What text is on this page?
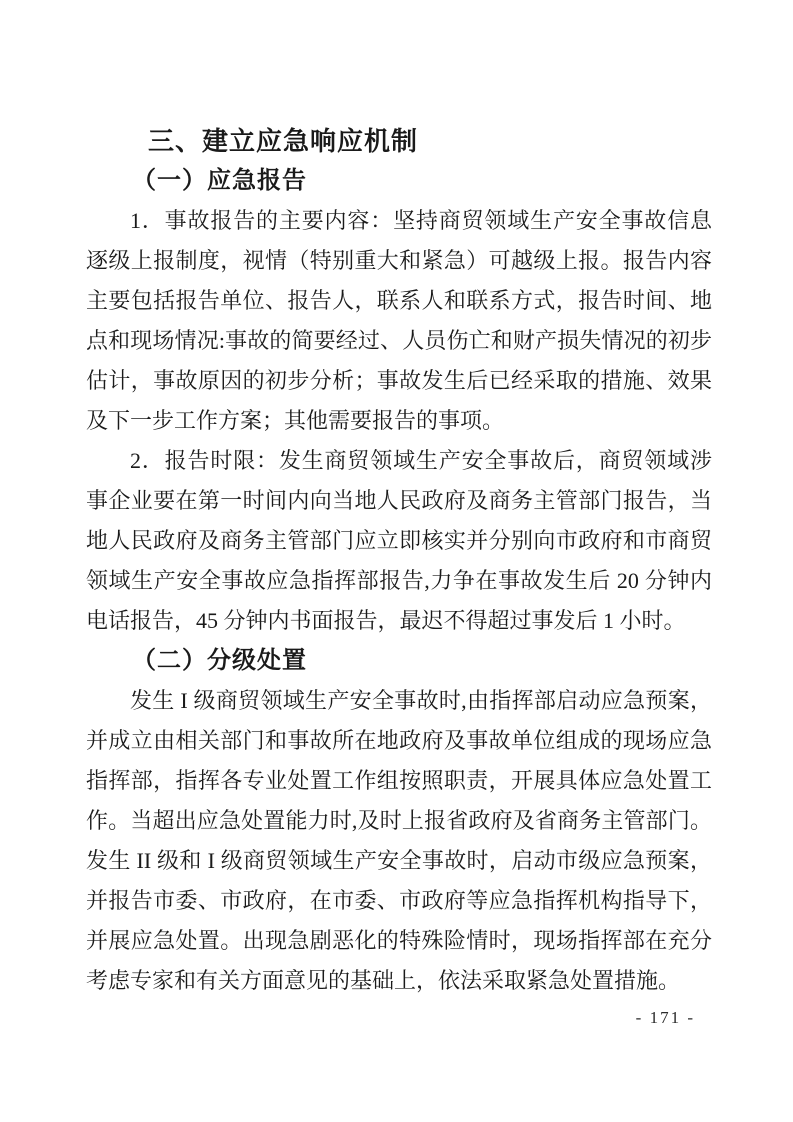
三、建立应急响应机制
（一）应急报告
1．事故报告的主要内容：坚持商贸领域生产安全事故信息
逐级上报制度，视情（特别重大和紧急）可越级上报。报告内容
主要包括报告单位、报告人，联系人和联系方式，报告时间、地
点和现场情况:事故的简要经过、人员伤亡和财产损失情况的初步
估计，事故原因的初步分析；事故发生后已经采取的措施、效果
及下一步工作方案；其他需要报告的事项。
2．报告时限：发生商贸领域生产安全事故后，商贸领域涉
事企业要在第一时间内向当地人民政府及商务主管部门报告，当
地人民政府及商务主管部门应立即核实并分别向市政府和市商贸
领域生产安全事故应急指挥部报告,力争在事故发生后 20 分钟内
电话报告，45 分钟内书面报告，最迟不得超过事发后 1 小时。
（二）分级处置
发生 I 级商贸领域生产安全事故时,由指挥部启动应急预案，
并成立由相关部门和事故所在地政府及事故单位组成的现场应急
指挥部，指挥各专业处置工作组按照职责，开展具体应急处置工
作。当超出应急处置能力时,及时上报省政府及省商务主管部门。
发生 II 级和 I 级商贸领域生产安全事故时，启动市级应急预案，
并报告市委、市政府，在市委、市政府等应急指挥机构指导下，
并展应急处置。出现急剧恶化的特殊险情时，现场指挥部在充分
考虑专家和有关方面意见的基础上，依法采取紧急处置措施。
- 171 -
